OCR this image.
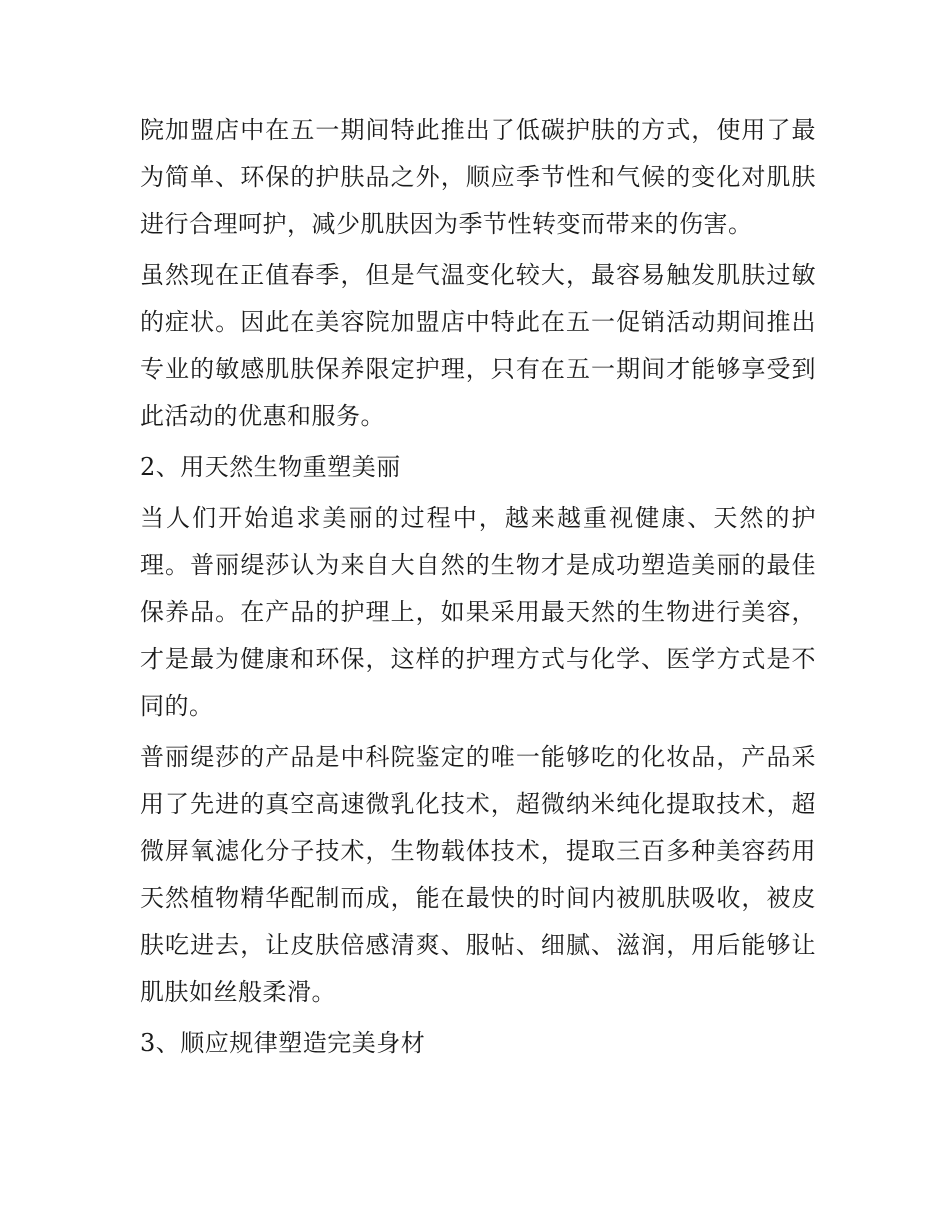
院加盟店中在五一期间特此推出了低碳护肤的方式，使用了最为简单、环保的护肤品之外，顺应季节性和气候的变化对肌肤进行合理呵护，减少肌肤因为季节性转变而带来的伤害。

虽然现在正值春季，但是气温变化较大，最容易触发肌肤过敏的症状。因此在美容院加盟店中特此在五一促销活动期间推出专业的敏感肌肤保养限定护理，只有在五一期间才能够享受到此活动的优惠和服务。

2、用天然生物重塑美丽

当人们开始追求美丽的过程中，越来越重视健康、天然的护理。普丽缇莎认为来自大自然的生物才是成功塑造美丽的最佳保养品。在产品的护理上，如果采用最天然的生物进行美容，才是最为健康和环保，这样的护理方式与化学、医学方式是不同的。

普丽缇莎的产品是中科院鉴定的唯一能够吃的化妆品，产品采用了先进的真空高速微乳化技术，超微纳米纯化提取技术，超微屏氧滤化分子技术，生物载体技术，提取三百多种美容药用天然植物精华配制而成，能在最快的时间内被肌肤吸收，被皮肤吃进去，让皮肤倍感清爽、服帖、细腻、滋润，用后能够让肌肤如丝般柔滑。

3、顺应规律塑造完美身材
